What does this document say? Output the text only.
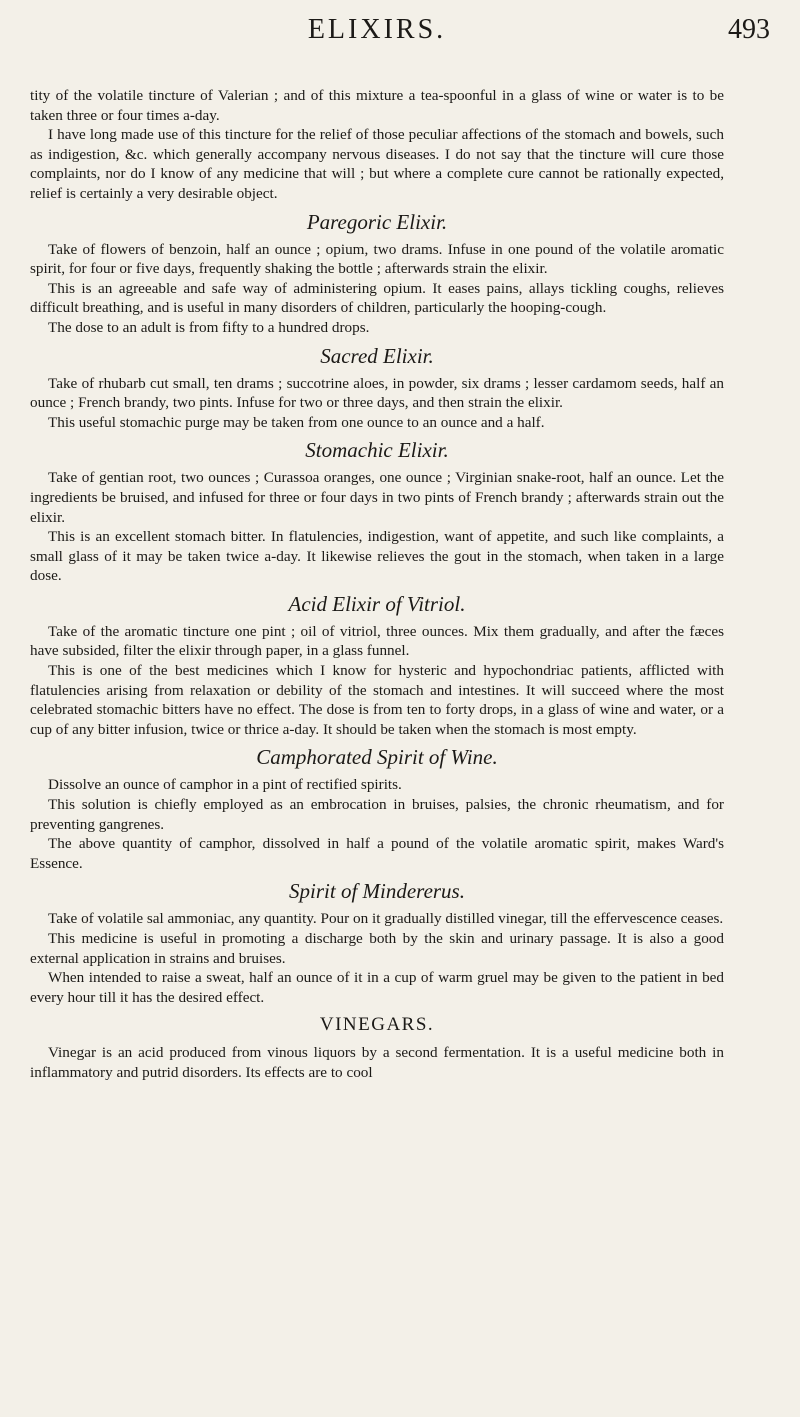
ELIXIRS.	493

tity of the volatile tincture of Valerian ; and of this mixture a tea-spoonful in a glass of wine or water is to be taken three or four times a-day.

I have long made use of this tincture for the relief of those peculiar affections of the stomach and bowels, such as indigestion, &c. which generally accompany nervous diseases. I do not say that the tincture will cure those complaints, nor do I know of any medicine that will ; but where a complete cure cannot be rationally expected, relief is certainly a very desirable object.

Paregoric Elixir.

Take of flowers of benzoin, half an ounce ; opium, two drams. Infuse in one pound of the volatile aromatic spirit, for four or five days, frequently shaking the bottle ; afterwards strain the elixir.

This is an agreeable and safe way of administering opium. It eases pains, allays tickling coughs, relieves difficult breathing, and is useful in many disorders of children, particularly the hooping-cough.

The dose to an adult is from fifty to a hundred drops.

Sacred Elixir.

Take of rhubarb cut small, ten drams ; succotrine aloes, in powder, six drams ; lesser cardamom seeds, half an ounce ; French brandy, two pints. Infuse for two or three days, and then strain the elixir.

This useful stomachic purge may be taken from one ounce to an ounce and a half.

Stomachic Elixir.

Take of gentian root, two ounces ; Curassoa oranges, one ounce ; Virginian snake-root, half an ounce. Let the ingredients be bruised, and infused for three or four days in two pints of French brandy ; afterwards strain out the elixir.

This is an excellent stomach bitter. In flatulencies, indigestion, want of appetite, and such like complaints, a small glass of it may be taken twice a-day. It likewise relieves the gout in the stomach, when taken in a large dose.

Acid Elixir of Vitriol.

Take of the aromatic tincture one pint ; oil of vitriol, three ounces. Mix them gradually, and after the fæces have subsided, filter the elixir through paper, in a glass funnel.

This is one of the best medicines which I know for hysteric and hypochondriac patients, afflicted with flatulencies arising from relaxation or debility of the stomach and intestines. It will succeed where the most celebrated stomachic bitters have no effect. The dose is from ten to forty drops, in a glass of wine and water, or a cup of any bitter infusion, twice or thrice a-day. It should be taken when the stomach is most empty.

Camphorated Spirit of Wine.

Dissolve an ounce of camphor in a pint of rectified spirits.

This solution is chiefly employed as an embrocation in bruises, palsies, the chronic rheumatism, and for preventing gangrenes.

The above quantity of camphor, dissolved in half a pound of the volatile aromatic spirit, makes Ward's Essence.

Spirit of Mindererus.

Take of volatile sal ammoniac, any quantity. Pour on it gradually distilled vinegar, till the effervescence ceases.

This medicine is useful in promoting a discharge both by the skin and urinary passage. It is also a good external application in strains and bruises.

When intended to raise a sweat, half an ounce of it in a cup of warm gruel may be given to the patient in bed every hour till it has the desired effect.

VINEGARS.

Vinegar is an acid produced from vinous liquors by a second fermentation. It is a useful medicine both in inflammatory and putrid disorders. Its effects are to cool
